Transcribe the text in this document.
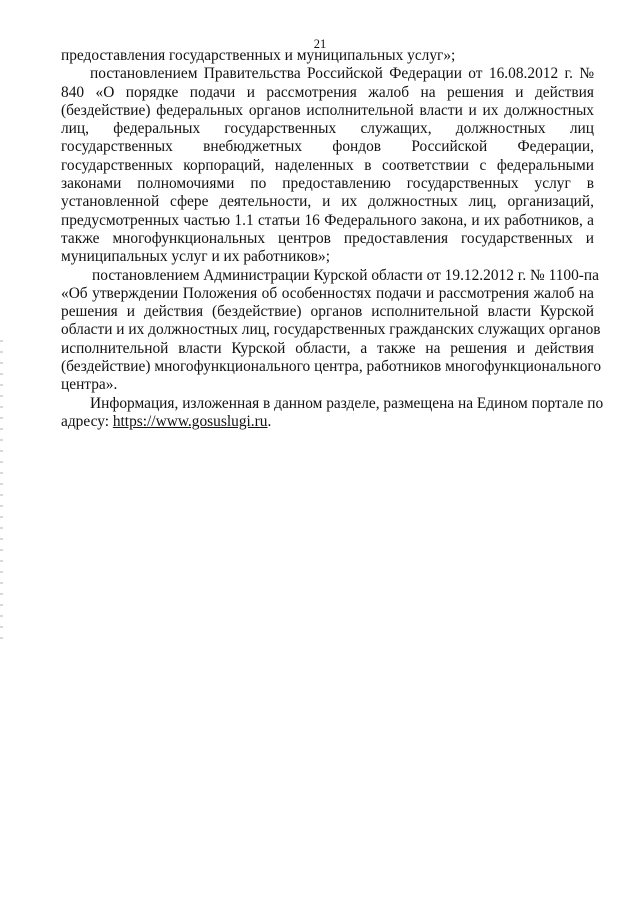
21
предоставления государственных и муниципальных услуг»;
постановлением Правительства Российской Федерации от 16.08.2012 г. №
840 «О порядке подачи и рассмотрения жалоб на решения и действия
(бездействие) федеральных органов исполнительной власти и их должностных
лиц, федеральных государственных служащих, должностных лиц
государственных внебюджетных фондов Российской Федерации,
государственных корпораций, наделенных в соответствии с федеральными
законами полномочиями по предоставлению государственных услуг в
установленной сфере деятельности, и их должностных лиц, организаций,
предусмотренных частью 1.1 статьи 16 Федерального закона, и их работников, а
также многофункциональных центров предоставления государственных и
муниципальных услуг и их работников»;
постановлением Администрации Курской области от 19.12.2012 г. № 1100-па
«Об утверждении Положения об особенностях подачи и рассмотрения жалоб на
решения и действия (бездействие) органов исполнительной власти Курской
области и их должностных лиц, государственных гражданских служащих органов
исполнительной власти Курской области, а также на решения и действия
(бездействие) многофункционального центра, работников многофункционального
центра».
Информация, изложенная в данном разделе, размещена на Едином портале по
адресу: https://www.gosuslugi.ru.
